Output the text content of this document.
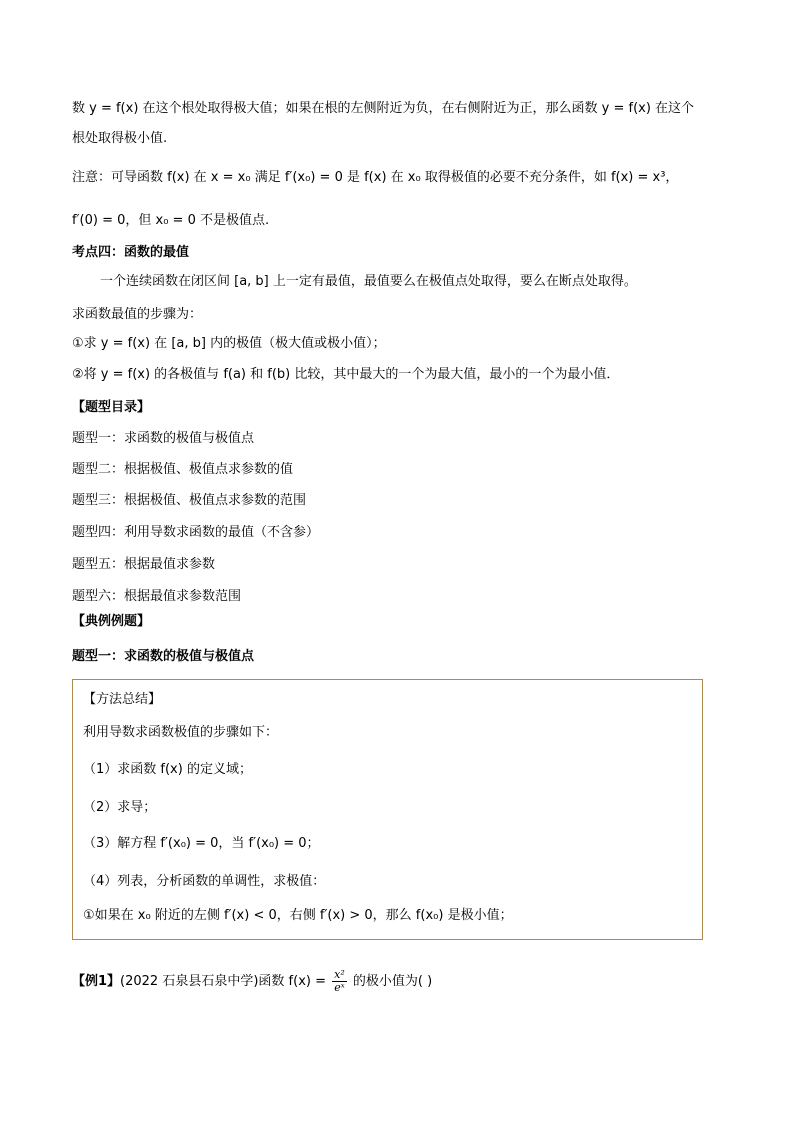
数 y = f(x) 在这个根处取得极大值；如果在根的左侧附近为负，在右侧附近为正，那么函数 y = f(x) 在这个
根处取得极小值.
注意：可导函数 f(x) 在 x = x₀ 满足 f′(x₀) = 0 是 f(x) 在 x₀ 取得极值的必要不充分条件，如 f(x) = x³，
f′(0) = 0，但 x₀ = 0 不是极值点.
考点四：函数的最值
一个连续函数在闭区间 [a, b] 上一定有最值，最值要么在极值点处取得，要么在断点处取得。
求函数最值的步骤为：
①求 y = f(x) 在 [a, b] 内的极值（极大值或极小值）；
②将 y = f(x) 的各极值与 f(a) 和 f(b) 比较，其中最大的一个为最大值，最小的一个为最小值．
【题型目录】
题型一：求函数的极值与极值点
题型二：根据极值、极值点求参数的值
题型三：根据极值、极值点求参数的范围
题型四：利用导数求函数的最值（不含参）
题型五：根据最值求参数
题型六：根据最值求参数范围
【典例例题】
题型一：求函数的极值与极值点
【方法总结】
利用导数求函数极值的步骤如下：
（1）求函数 f(x) 的定义域；
（2）求导；
（3）解方程 f′(x₀) = 0，当 f′(x₀) = 0；
（4）列表，分析函数的单调性，求极值：
①如果在 x₀ 附近的左侧 f′(x) < 0，右侧 f′(x) > 0，那么 f(x₀) 是极小值；
【例1】(2022 石泉县石泉中学)函数 $f(x) = \frac{\text{x²}}{\text{eˣ}}$ 的极小值为( )
